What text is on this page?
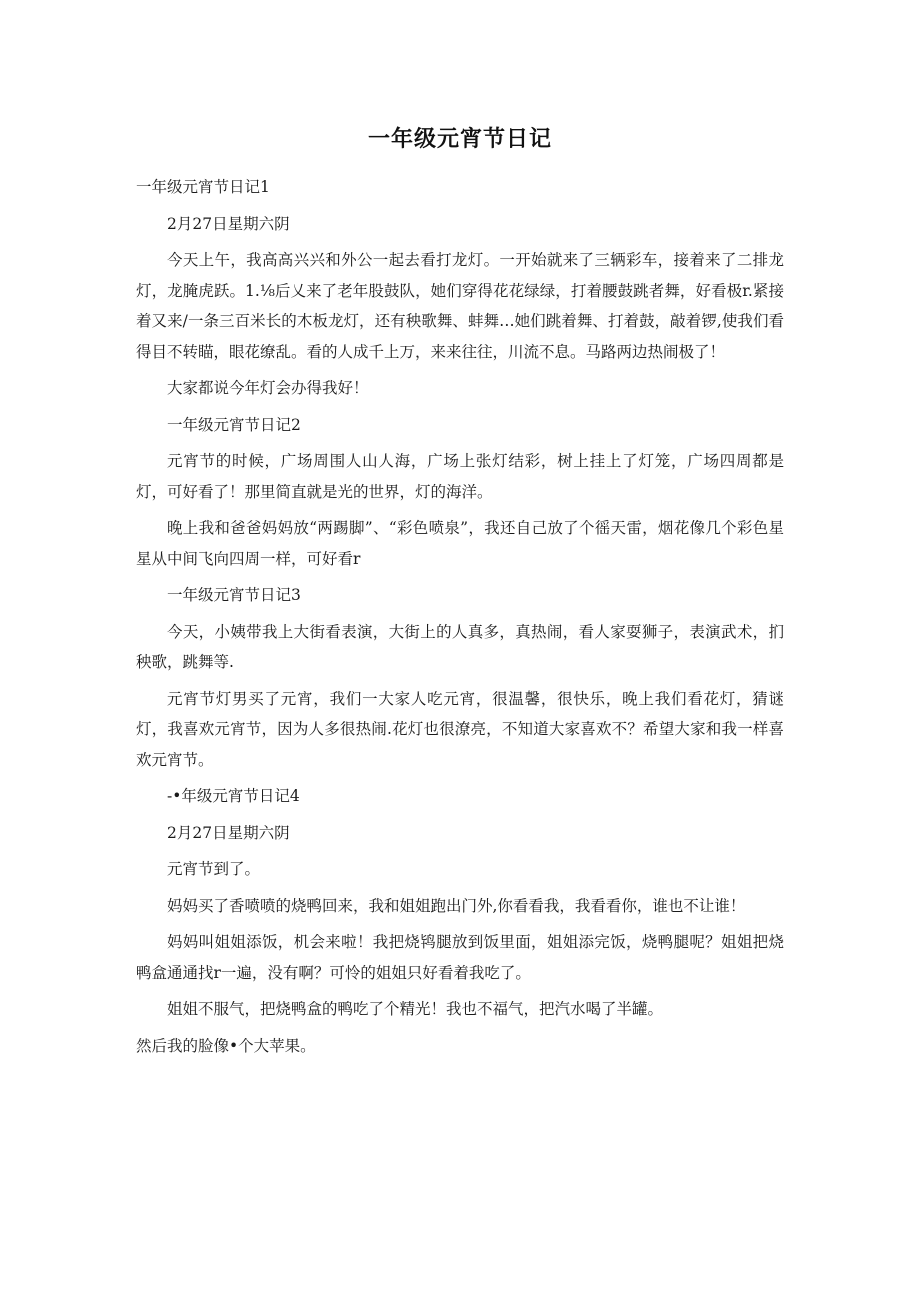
一年级元宵节日记

一年级元宵节日记1

2月27日星期六阴

今天上午，我高高兴兴和外公一起去看打龙灯。一开始就来了三辆彩车，接着来了二排龙灯，龙腌虎跃。1.⅛后乂来了老年股鼓队，她们穿得花花绿绿，打着腰鼓跳者舞，好看极r.紧接着又来/一条三百米长的木板龙灯，还有秧歌舞、蚌舞…她们跳着舞、打着鼓，敲着锣,使我们看得目不转瞄，眼花缭乱。看的人成千上万，来来往往，川流不息。马路两边热闹极了！

大家都说今年灯会办得我好！

一年级元宵节日记2

元宵节的时候，广场周围人山人海，广场上张灯结彩，树上挂上了灯笼，广场四周都是灯，可好看了！那里简直就是光的世界，灯的海洋。

晚上我和爸爸妈妈放“两踢脚”、“彩色喷泉”，我还自己放了个徭天雷，烟花像几个彩色星星从中间飞向四周一样，可好看r

一年级元宵节日记3

今天，小姨带我上大街看表演，大街上的人真多，真热闹，看人家耍狮子，表演武术，扪秧歌，跳舞等.

元宵节灯男买了元宵，我们一大家人吃元宵，很温馨，很快乐，晚上我们看花灯，猜谜灯，我喜欢元宵节，因为人多很热闹.花灯也很潦亮，不知道大家喜欢不？希望大家和我一样喜欢元宵节。

-•年级元宵节日记4

2月27日星期六阴

元宵节到了。

妈妈买了香喷喷的烧鸭回来，我和姐姐跑出门外,你看看我，我看看你，谁也不让谁！

妈妈叫姐姐添饭，机会来啦！我把烧鸨腿放到饭里面，姐姐添完饭，烧鸭腿呢？姐姐把烧鸭盒通通找r一遍，没有啊？可怜的姐姐只好看着我吃了。

姐姐不服气，把烧鸭盒的鸭吃了个精光！我也不福气，把汽水喝了半罐。

然后我的脸像•个大苹果。
